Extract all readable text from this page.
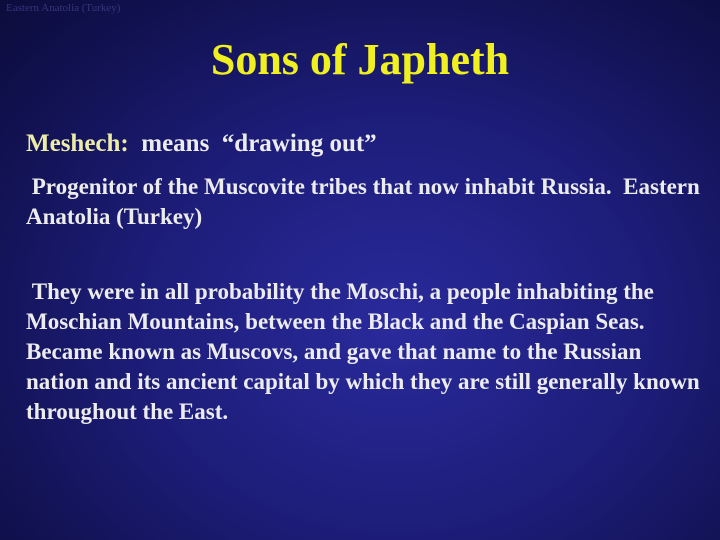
Eastern Anatolia (Turkey)
Sons of Japheth
Meshech:  means  “drawing out”
Progenitor of the Muscovite tribes that now inhabit Russia.  Eastern Anatolia (Turkey)
They were in all probability the Moschi, a people inhabiting the Moschian Mountains, between the Black and the Caspian Seas.  Became known as Muscovs, and gave that name to the Russian nation and its ancient capital by which they are still generally known throughout the East.
